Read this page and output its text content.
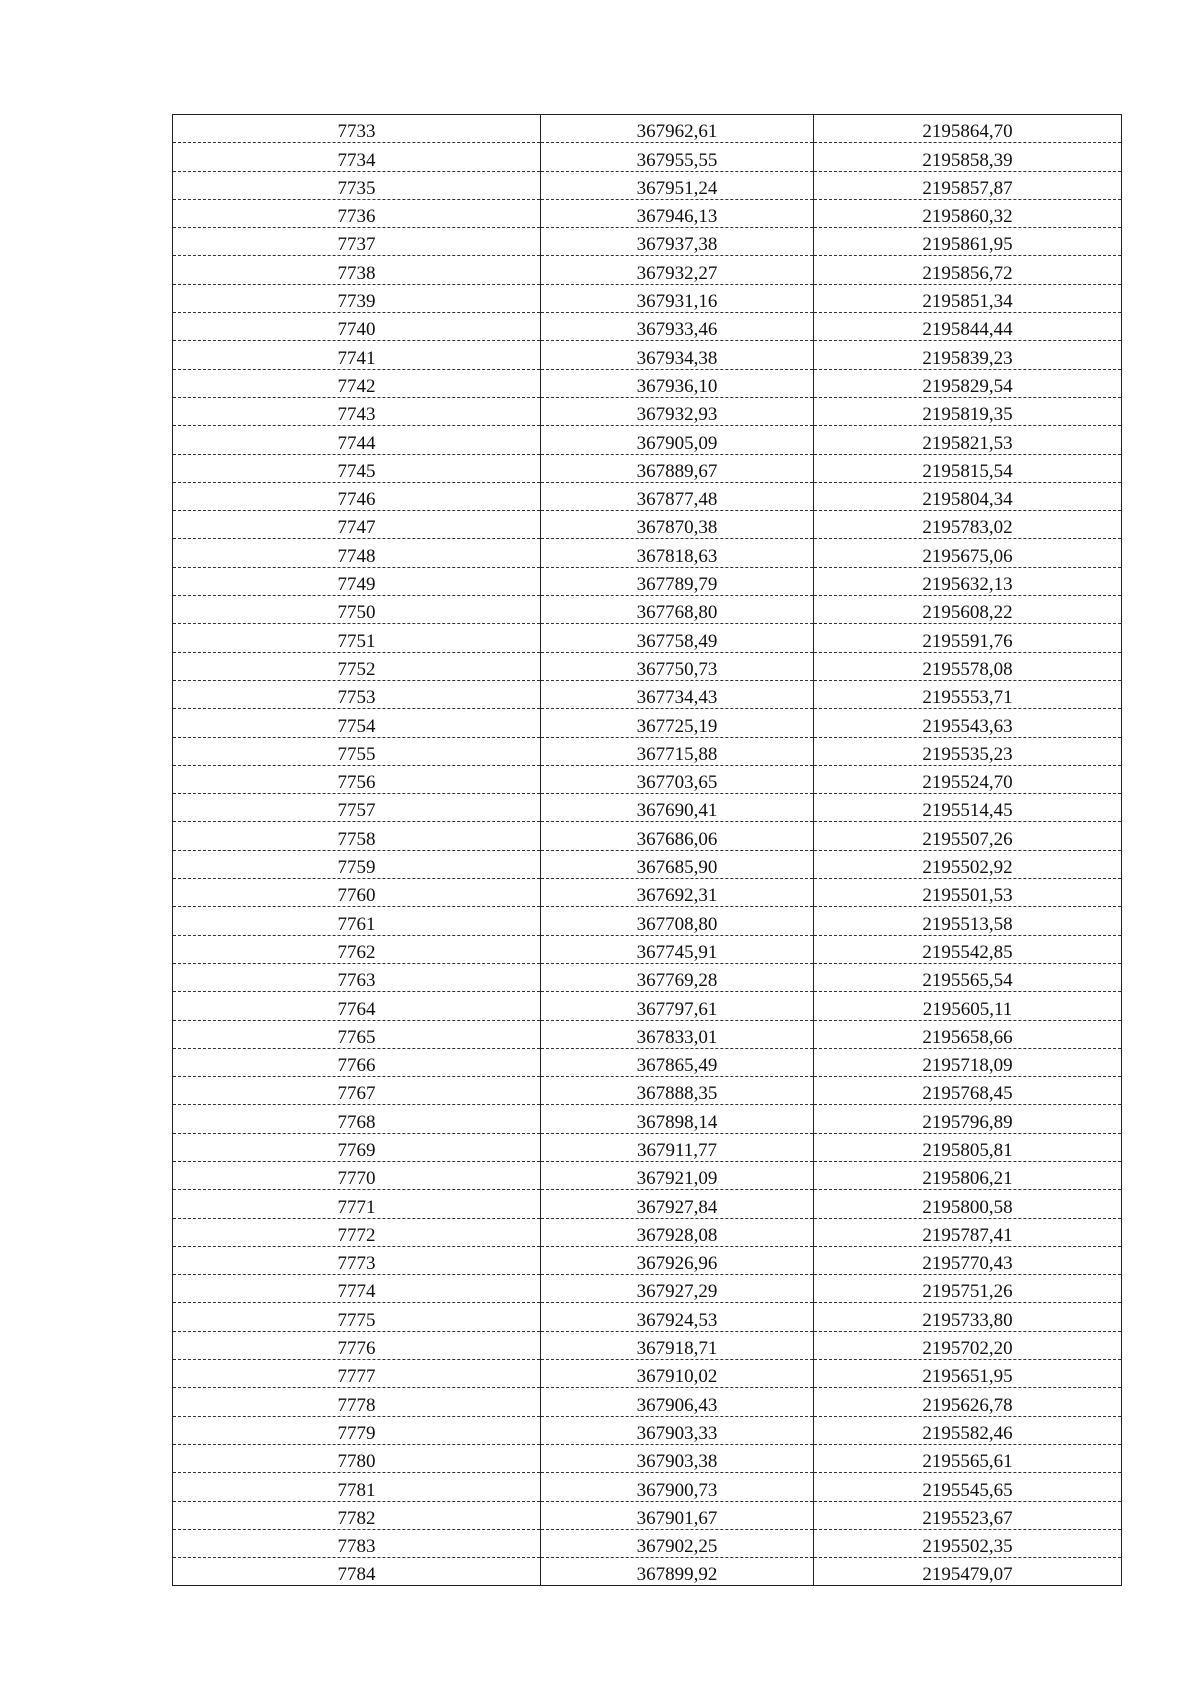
7733	367962,61	2195864,70
7734	367955,55	2195858,39
7735	367951,24	2195857,87
7736	367946,13	2195860,32
7737	367937,38	2195861,95
7738	367932,27	2195856,72
7739	367931,16	2195851,34
7740	367933,46	2195844,44
7741	367934,38	2195839,23
7742	367936,10	2195829,54
7743	367932,93	2195819,35
7744	367905,09	2195821,53
7745	367889,67	2195815,54
7746	367877,48	2195804,34
7747	367870,38	2195783,02
7748	367818,63	2195675,06
7749	367789,79	2195632,13
7750	367768,80	2195608,22
7751	367758,49	2195591,76
7752	367750,73	2195578,08
7753	367734,43	2195553,71
7754	367725,19	2195543,63
7755	367715,88	2195535,23
7756	367703,65	2195524,70
7757	367690,41	2195514,45
7758	367686,06	2195507,26
7759	367685,90	2195502,92
7760	367692,31	2195501,53
7761	367708,80	2195513,58
7762	367745,91	2195542,85
7763	367769,28	2195565,54
7764	367797,61	2195605,11
7765	367833,01	2195658,66
7766	367865,49	2195718,09
7767	367888,35	2195768,45
7768	367898,14	2195796,89
7769	367911,77	2195805,81
7770	367921,09	2195806,21
7771	367927,84	2195800,58
7772	367928,08	2195787,41
7773	367926,96	2195770,43
7774	367927,29	2195751,26
7775	367924,53	2195733,80
7776	367918,71	2195702,20
7777	367910,02	2195651,95
7778	367906,43	2195626,78
7779	367903,33	2195582,46
7780	367903,38	2195565,61
7781	367900,73	2195545,65
7782	367901,67	2195523,67
7783	367902,25	2195502,35
7784	367899,92	2195479,07
